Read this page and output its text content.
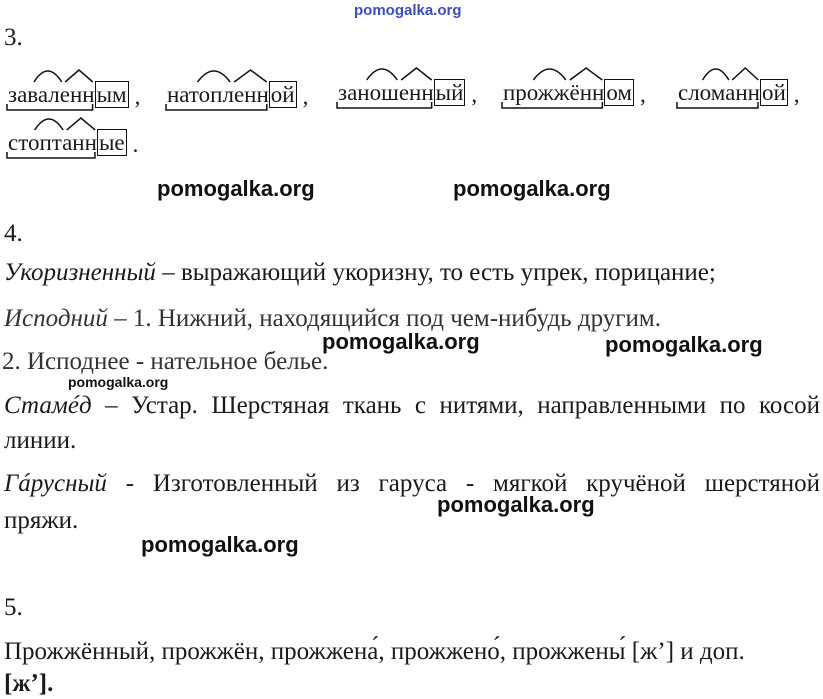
pomogalka.org
3.
заваленным , натопленной , заношенный , прожжённом , сломанной ,
стоптанные .
pomogalka.org	pomogalka.org
4.
Укоризненный – выражающий укоризну, то есть упрек, порицание;
Исподний – 1. Нижний, находящийся под чем-нибудь другим.
pomogalka.org	pomogalka.org
2. Исподнее - нательное белье.
pomogalka.org
Стамéд – Устар. Шерстяная ткань с нитями, направленными по косой
линии.
Гáрусный - Изготовленный из гаруса - мягкой кручёной шерстяной
pomogalka.org
пряжи.
pomogalka.org
5.
Прожжённый, прожжён, прожжена́, прожжено́, прожжены́ [ж’] и доп.
[жʼ].
